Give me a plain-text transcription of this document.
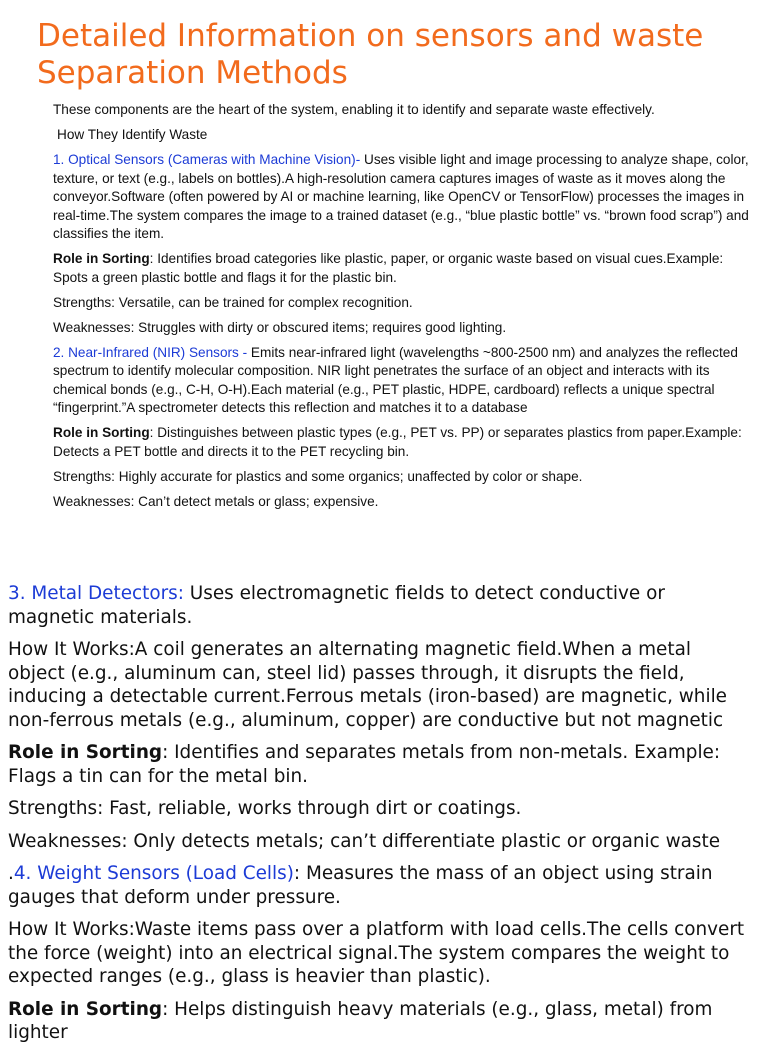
Detailed Information on sensors and waste Separation Methods

These components are the heart of the system, enabling it to identify and separate waste effectively.

How They Identify Waste

1. Optical Sensors (Cameras with Machine Vision)- Uses visible light and image processing to analyze shape, color, texture, or text (e.g., labels on bottles).A high-resolution camera captures images of waste as it moves along the conveyor.Software (often powered by AI or machine learning, like OpenCV or TensorFlow) processes the images in real-time.The system compares the image to a trained dataset (e.g., “blue plastic bottle” vs. “brown food scrap”) and classifies the item.

Role in Sorting: Identifies broad categories like plastic, paper, or organic waste based on visual cues.Example: Spots a green plastic bottle and flags it for the plastic bin.

Strengths: Versatile, can be trained for complex recognition.

Weaknesses: Struggles with dirty or obscured items; requires good lighting.

2. Near-Infrared (NIR) Sensors - Emits near-infrared light (wavelengths ~800-2500 nm) and analyzes the reflected spectrum to identify molecular composition. NIR light penetrates the surface of an object and interacts with its chemical bonds (e.g., C-H, O-H).Each material (e.g., PET plastic, HDPE, cardboard) reflects a unique spectral “fingerprint.”A spectrometer detects this reflection and matches it to a database

Role in Sorting: Distinguishes between plastic types (e.g., PET vs. PP) or separates plastics from paper.Example: Detects a PET bottle and directs it to the PET recycling bin.

Strengths: Highly accurate for plastics and some organics; unaffected by color or shape.

Weaknesses: Can’t detect metals or glass; expensive.

3. Metal Detectors: Uses electromagnetic fields to detect conductive or magnetic materials.

How It Works:A coil generates an alternating magnetic field.When a metal object (e.g., aluminum can, steel lid) passes through, it disrupts the field, inducing a detectable current.Ferrous metals (iron-based) are magnetic, while non-ferrous metals (e.g., aluminum, copper) are conductive but not magnetic

Role in Sorting: Identifies and separates metals from non-metals. Example: Flags a tin can for the metal bin.

Strengths: Fast, reliable, works through dirt or coatings.

Weaknesses: Only detects metals; can’t differentiate plastic or organic waste

.4. Weight Sensors (Load Cells): Measures the mass of an object using strain gauges that deform under pressure.

How It Works:Waste items pass over a platform with load cells.The cells convert the force (weight) into an electrical signal.The system compares the weight to expected ranges (e.g., glass is heavier than plastic).

Role in Sorting: Helps distinguish heavy materials (e.g., glass, metal) from lighter
